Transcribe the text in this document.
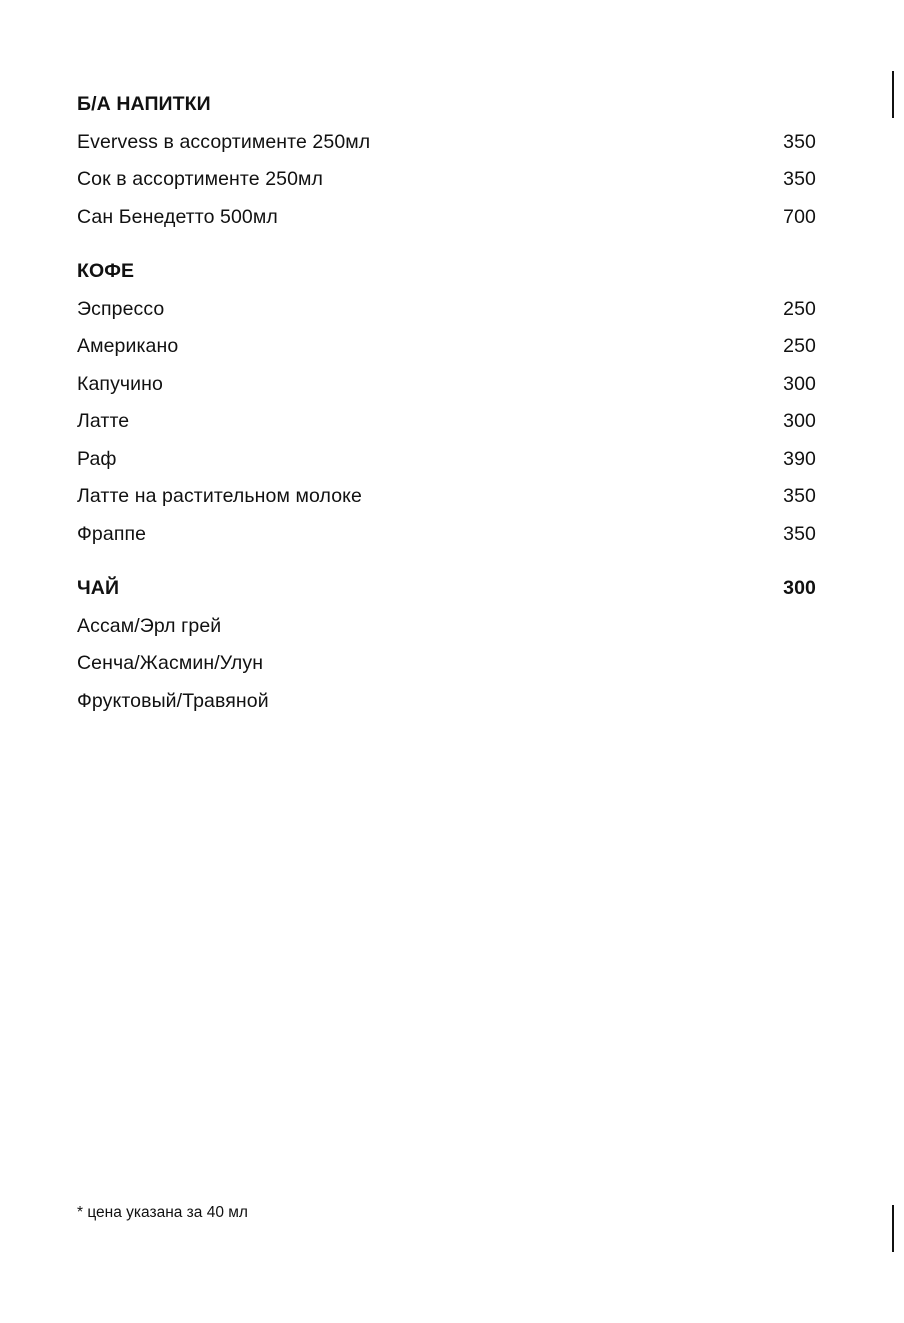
Б/А НАПИТКИ
Evervess в ассортименте 250мл	350
Сок в ассортименте 250мл	350
Сан Бенедетто 500мл	700
КОФЕ
Эспрессо	250
Американо	250
Капучино	300
Латте	300
Раф	390
Латте на растительном молоке	350
Фраппе	350
ЧАЙ	300
Ассам/Эрл грей
Сенча/Жасмин/Улун
Фруктовый/Травяной
* цена указана за 40 мл
